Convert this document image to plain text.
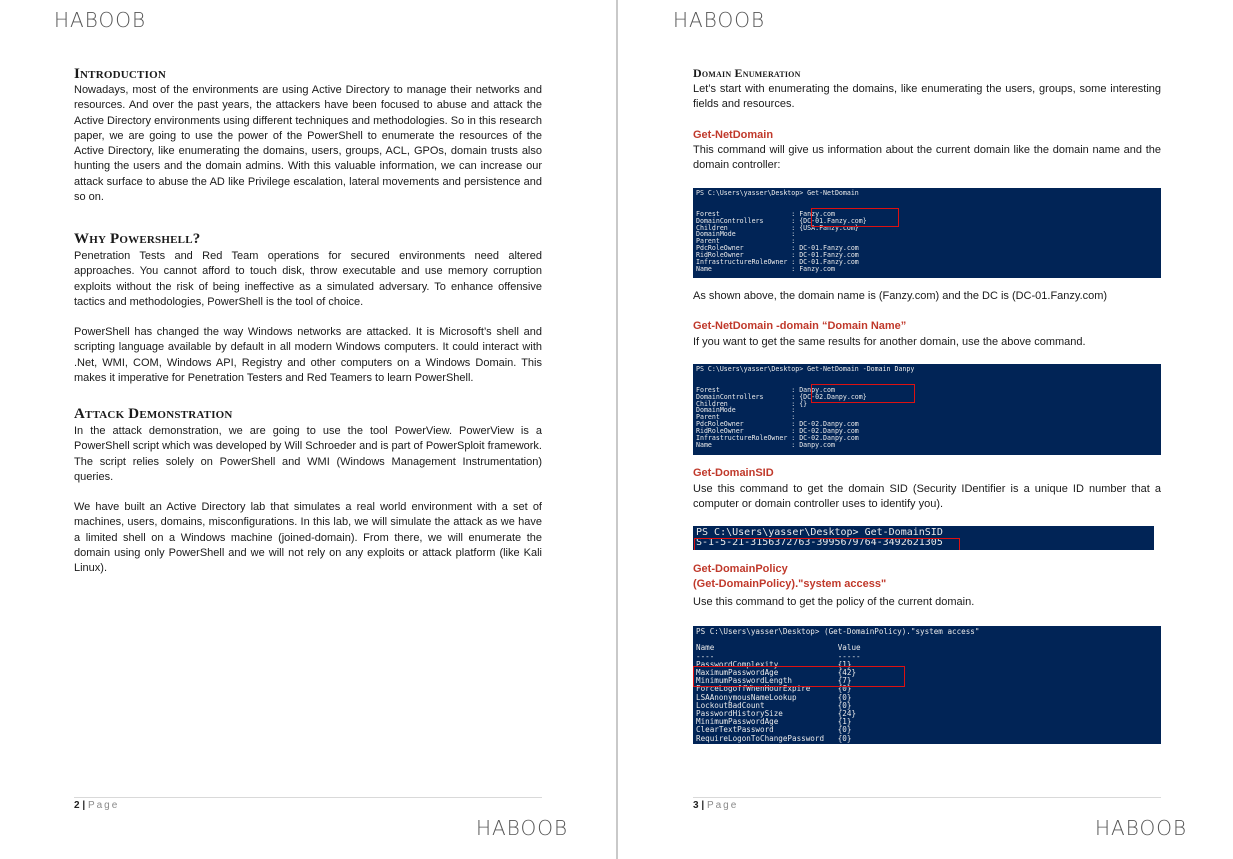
HABOOB
Introduction
Nowadays, most of the environments are using Active Directory to manage their networks and resources. And over the past years, the attackers have been focused to abuse and attack the Active Directory environments using different techniques and methodologies. So in this research paper, we are going to use the power of the PowerShell to enumerate the resources of the Active Directory, like enumerating the domains, users, groups, ACL, GPOs, domain trusts also hunting the users and the domain admins. With this valuable information, we can increase our attack surface to abuse the AD like Privilege escalation, lateral movements and persistence and so on.
Why Powershell?
Penetration Tests and Red Team operations for secured environments need altered approaches. You cannot afford to touch disk, throw executable and use memory corruption exploits without the risk of being ineffective as a simulated adversary. To enhance offensive tactics and methodologies, PowerShell is the tool of choice.
PowerShell has changed the way Windows networks are attacked. It is Microsoft’s shell and scripting language available by default in all modern Windows computers. It could interact with .Net, WMI, COM, Windows API, Registry and other computers on a Windows Domain. This makes it imperative for Penetration Testers and Red Teamers to learn PowerShell.
Attack Demonstration
In the attack demonstration, we are going to use the tool PowerView. PowerView is a PowerShell script which was developed by Will Schroeder and is part of PowerSploit framework. The script relies solely on PowerShell and WMI (Windows Management Instrumentation) queries.
We have built an Active Directory lab that simulates a real world environment with a set of machines, users, domains, misconfigurations. In this lab, we will simulate the attack as we have a limited shell on a Windows machine (joined-domain). From there, we will enumerate the domain using only PowerShell and we will not rely on any exploits or attack platform (like Kali Linux).
2 | Page
HABOOB
HABOOB
Domain Enumeration
Let’s start with enumerating the domains, like enumerating the users, groups, some interesting fields and resources.
Get-NetDomain
This command will give us information about the current domain like the domain name and the domain controller:
PS C:\Users\yasser\Desktop> Get-NetDomain

Forest                  : Fanzy.com
DomainControllers       : {DC-01.Fanzy.com}
Children                : {USA.Fanzy.com}
DomainMode              :
Parent                  :
PdcRoleOwner            : DC-01.Fanzy.com
RidRoleOwner            : DC-01.Fanzy.com
InfrastructureRoleOwner : DC-01.Fanzy.com
Name                    : Fanzy.com
As shown above, the domain name is (Fanzy.com) and the DC is (DC-01.Fanzy.com)
Get-NetDomain -domain “Domain Name”
If you want to get the same results for another domain, use the above command.
PS C:\Users\yasser\Desktop> Get-NetDomain -Domain Danpy

Forest                  : Danpy.com
DomainControllers       : {DC-02.Danpy.com}
Children                : {}
DomainMode              :
Parent                  :
PdcRoleOwner            : DC-02.Danpy.com
RidRoleOwner            : DC-02.Danpy.com
InfrastructureRoleOwner : DC-02.Danpy.com
Name                    : Danpy.com
Get-DomainSID
Use this command to get the domain SID (Security IDentifier is a unique ID number that a computer or domain controller uses to identify you).
PS C:\Users\yasser\Desktop> Get-DomainSID
S-1-5-21-3156372763-3995679764-3492621305
Get-DomainPolicy
(Get-DomainPolicy)."system access"
Use this command to get the policy of the current domain.
PS C:\Users\yasser\Desktop> (Get-DomainPolicy)."system access"

Name                           Value
----                           -----
PasswordComplexity             {1}
MaximumPasswordAge             {42}
MinimumPasswordLength          {7}
ForceLogoffWhenHourExpire      {0}
LSAAnonymousNameLookup         {0}
LockoutBadCount                {0}
PasswordHistorySize            {24}
MinimumPasswordAge             {1}
ClearTextPassword              {0}
RequireLogonToChangePassword   {0}
3 | Page
HABOOB
